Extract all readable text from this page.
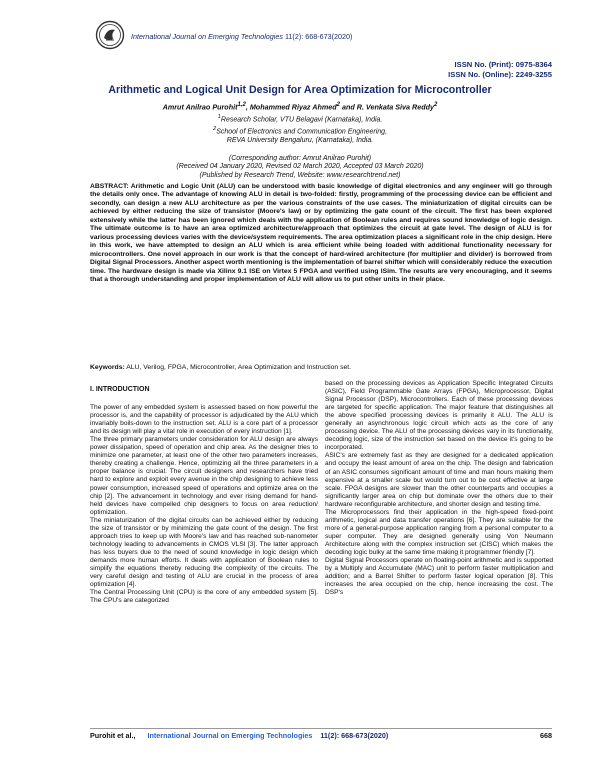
International Journal on Emerging Technologies 11(2): 668-673(2020)
ISSN No. (Print): 0975-8364
ISSN No. (Online): 2249-3255
Arithmetic and Logical Unit Design for Area Optimization for Microcontroller
Amrut Anilrao Purohit$^{1,2}$, Mohammed Riyaz Ahmed$^2$ and R. Venkata Siva Reddy$^2$
$^1$Research Scholar, VTU Belagavi (Karnataka), India.
$^2$School of Electronics and Communication Engineering,
REVA University Bengaluru, (Karnataka), India.
(Corresponding author: Amrut Anilrao Purohit)
(Received 04 January 2020, Revised 02 March 2020, Accepted 03 March 2020)
(Published by Research Trend, Website: www.researchtrend.net)
ABSTRACT: Arithmetic and Logic Unit (ALU) can be understood with basic knowledge of digital electronics and any engineer will go through the details only once. The advantage of knowing ALU in detail is two-folded: firstly, programming of the processing device can be efficient and secondly, can design a new ALU architecture as per the various constraints of the use cases. The miniaturization of digital circuits can be achieved by either reducing the size of transistor (Moore's law) or by optimizing the gate count of the circuit. The first has been explored extensively while the latter has been ignored which deals with the application of Boolean rules and requires sound knowledge of logic design. The ultimate outcome is to have an area optimized architecture/approach that optimizes the circuit at gate level. The design of ALU is for various processing devices varies with the device/system requirements. The area optimization places a significant role in the chip design. Here in this work, we have attempted to design an ALU which is area efficient while being loaded with additional functionality necessary for microcontrollers. One novel approach in our work is that the concept of hard-wired architecture (for multiplier and divider) is borrowed from Digital Signal Processors. Another aspect worth mentioning is the implementation of barrel shifter which will considerably reduce the execution time. The hardware design is made via Xilinx 9.1 ISE on Virtex 5 FPGA and verified using ISim. The results are very encouraging, and it seems that a thorough understanding and proper implementation of ALU will allow us to put other units in their place.
Keywords: ALU, Verilog, FPGA, Microcontroller, Area Optimization and Instruction set.
I. INTRODUCTION

The power of any embedded system is assessed based on how powerful the processor is, and the capability of processor is adjudicated by the ALU which invariably boils-down to the instruction set. ALU is a core part of a processor and its design will play a vital role in execution of every instruction [1].

The three primary parameters under consideration for ALU design are always power dissipation, speed of operation and chip area. As the designer tries to minimize one parameter, at least one of the other two parameters increases, thereby creating a challenge. Hence, optimizing all the three parameters in a proper balance is crucial. The circuit designers and researchers have tried hard to explore and exploit every avenue in the chip designing to achieve less power consumption, increased speed of operations and optimize area on the chip [2]. The advancement in technology and ever rising demand for hand-held devices have compelled chip designers to focus on area reduction/ optimization.

The miniaturization of the digital circuits can be achieved either by reducing the size of transistor or by minimizing the gate count of the design. The first approach tries to keep up with Moore's law and has reached sub-nanometer technology leading to advancements in CMOS VLSI [3]. The latter approach has less buyers due to the need of sound knowledge in logic design which demands more human efforts. It deals with application of Boolean rules to simplify the equations thereby reducing the complexity of the circuits. The very careful design and testing of ALU are crucial in the process of area optimization [4].

The Central Processing Unit (CPU) is the core of any embedded system [5]. The CPU's are categorized

based on the processing devices as Application Specific Integrated Circuits (ASIC), Field Programmable Gate Arrays (FPGA), Microprocessor, Digital Signal Processor (DSP), Microcontrollers. Each of these processing devices are targeted for specific application. The major feature that distinguishes all the above specified processing devices is primarily it ALU. The ALU is generally an asynchronous logic circuit which acts as the core of any processing device. The ALU of the processing devices vary in its functionality, decoding logic, size of the instruction set based on the device it's going to be incorporated.

ASIC's are extremely fast as they are designed for a dedicated application and occupy the least amount of area on the chip. The design and fabrication of an ASIC consumes significant amount of time and man hours making them expensive at a smaller scale but would turn out to be cost effective at large scale. FPGA designs are slower than the other counterparts and occupies a significantly larger area on chip but dominate over the others due to their hardware reconfigurable architecture, and shorter design and testing time.

The Microprocessors find their application in the high-speed fixed-point arithmetic, logical and data transfer operations [6]. They are suitable for the more of a general-purpose application ranging from a personal computer to a super computer. They are designed generally using Von Neumann Architecture along with the complex instruction set (CISC) which makes the decoding logic bulky at the same time making it programmer friendly [7].

Digital Signal Processors operate on floating-point arithmetic and is supported by a Multiply and Accumulate (MAC) unit to perform faster multiplication and addition; and a Barrel Shifter to perform faster logical operation [8]. This increases the area occupied on the chip, hence increasing the cost. The DSP's

Purohit et al., International Journal on Emerging Technologies 11(2): 668-673(2020)	668
